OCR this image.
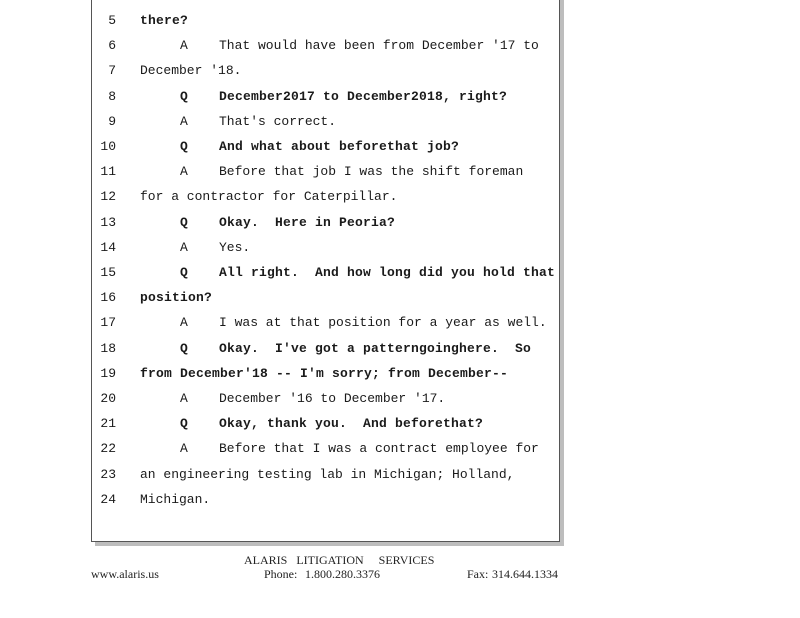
5 there?
6	A That would have been from December '17 to
7 December '18.
8	Q December2017 to December2018, right?
9	A That's correct.
10	Q And what about beforethat job?
11	A Before that job I was the shift foreman
12 for a contractor for Caterpillar.
13	Q Okay.  Here in Peoria?
14	A Yes.
15	Q All right.  And how long did you hold that
16 position?
17	A I was at that position for a year as well.
18	Q Okay.  I've got a patterngoinghere.  So
19 from December'18 -- I'm sorry; from December--
20	A December '16 to December '17.
21	Q Okay, thank you.  And beforethat?
22	A Before that I was a contract employee for
23 an engineering testing lab in Michigan; Holland,
24 Michigan.
ALARIS   LITIGATION     SERVICES
www.alaris.us	Phone: 1.800.280.3376	Fax: 314.644.1334
